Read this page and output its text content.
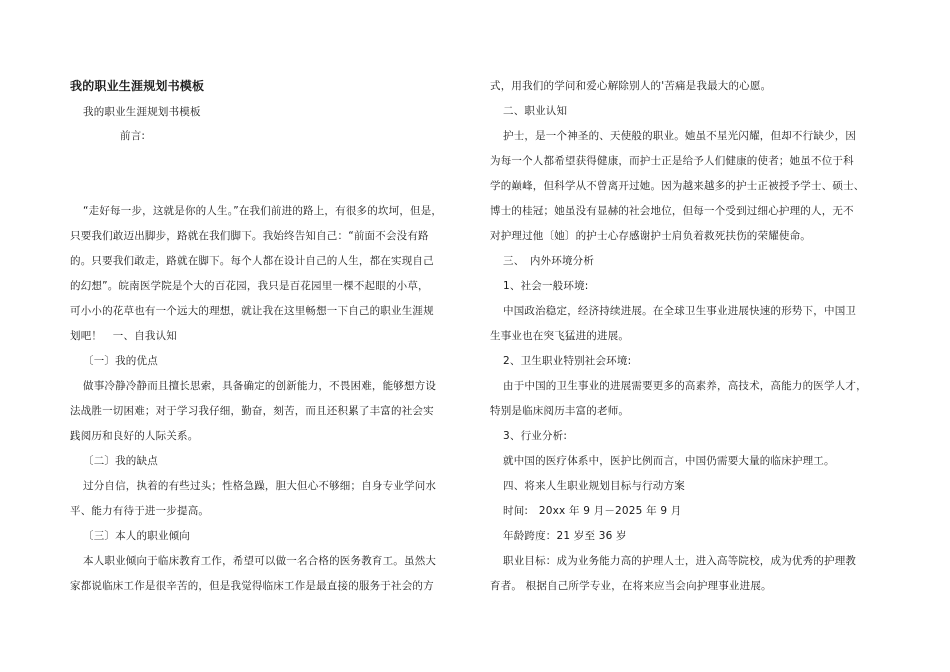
我的职业生涯规划书模板
我的职业生涯规划书模板
前言:
“走好每一步，这就是你的人生。”在我们前进的路上，有很多的坎坷，但是，
只要我们敢迈出脚步，路就在我们脚下。我始终告知自己：“前面不会没有路
的。只要我们敢走，路就在脚下。每个人都在设计自己的人生，都在实现自己
的幻想”。皖南医学院是个大的百花园，我只是百花园里一棵不起眼的小草，
可小小的花草也有一个远大的理想，就让我在这里畅想一下自己的职业生涯规
划吧！　一、自我认知
〔一〕我的优点
做事冷静冷静而且擅长思索，具备确定的创新能力，不畏困难，能够想方设
法战胜一切困难；对于学习我仔细，勤奋，刻苦，而且还积累了丰富的社会实
践阅历和良好的人际关系。
〔二〕我的缺点
过分自信，执着的有些过头；性格急躁，胆大但心不够细；自身专业学问水
平、能力有待于进一步提高。
〔三〕本人的职业倾向
本人职业倾向于临床教育工作，希望可以做一名合格的医务教育工。虽然大
家都说临床工作是很辛苦的，但是我觉得临床工作是最直接的服务于社会的方
式，用我们的学问和爱心解除别人的'苦痛是我最大的心愿。
二、职业认知
护士，是一个神圣的、天使般的职业。她虽不星光闪耀，但却不行缺少，因
为每一个人都希望获得健康，而护士正是给予人们健康的使者；她虽不位于科
学的巅峰，但科学从不曾离开过她。因为越来越多的护士正被授予学士、硕士、
博士的桂冠；她虽没有显赫的社会地位，但每一个受到过细心护理的人，无不
对护理过他〔她〕的护士心存感谢护士肩负着救死扶伤的荣耀使命。
三、　内外环境分析
1、社会一般环境:
中国政治稳定，经济持续进展。在全球卫生事业进展快速的形势下，中国卫
生事业也在突飞猛进的进展。
2、卫生职业特别社会环境:
由于中国的卫生事业的进展需要更多的高素养，高技术，高能力的医学人才，
特别是临床阅历丰富的老师。
3、行业分析:
就中国的医疗体系中，医护比例而言，中国仍需要大量的临床护理工。
四、将来人生职业规划目标与行动方案
时间:　20xx 年 9 月－2025 年 9 月
年龄跨度：21 岁至 36 岁
职业目标：成为业务能力高的护理人士，进入高等院校，成为优秀的护理教
育者。 根据自己所学专业，在将来应当会向护理事业进展。
